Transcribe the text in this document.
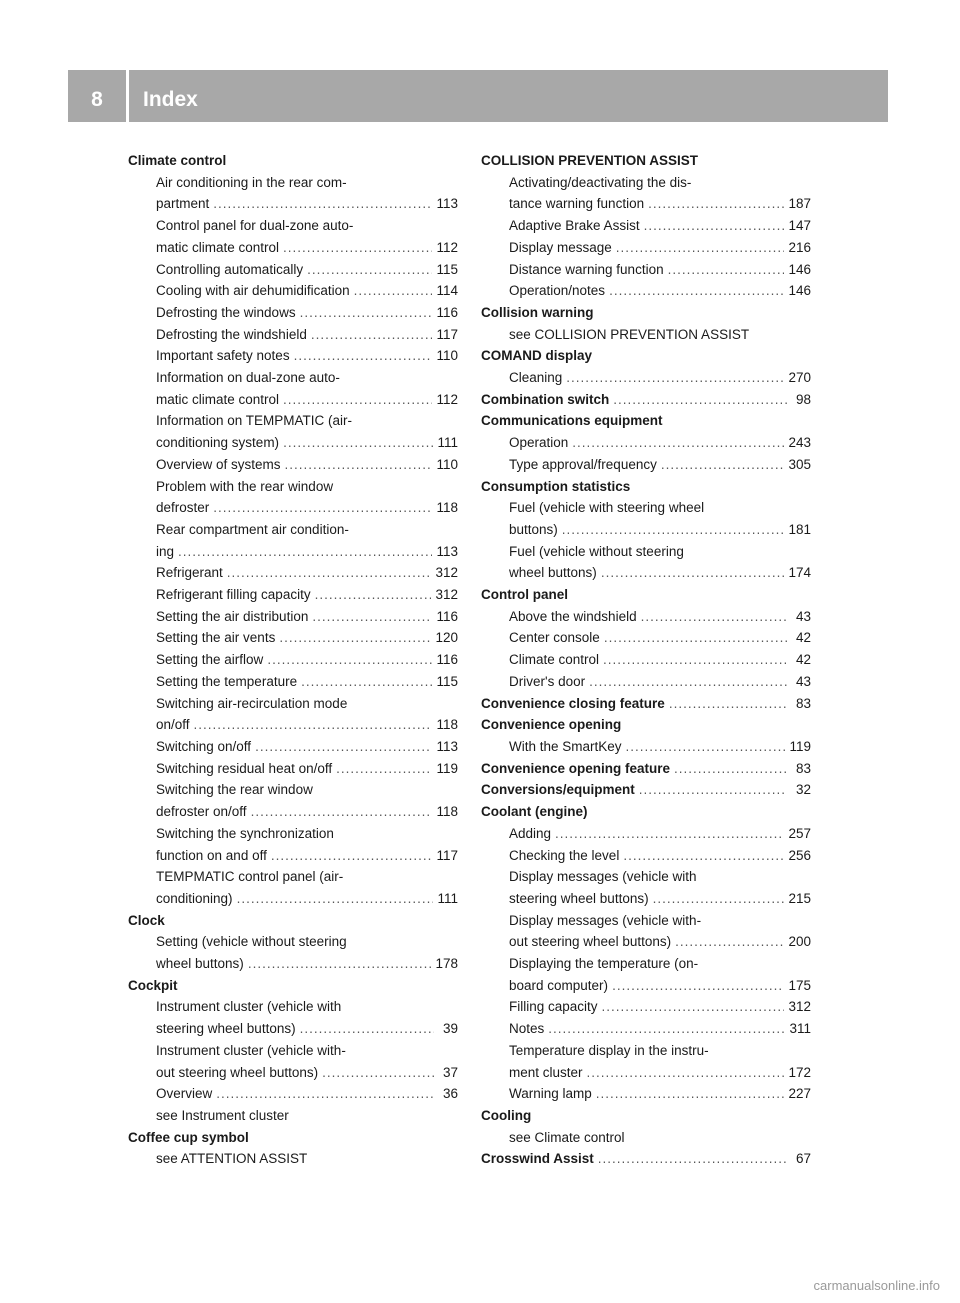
8	Index
Climate control
Air conditioning in the rear com-
partment .....	113
Control panel for dual-zone auto-
matic climate control .....	112
Controlling automatically .....	115
Cooling with air dehumidification .....	114
Defrosting the windows .....	116
Defrosting the windshield .....	117
Important safety notes .....	110
Information on dual-zone auto-
matic climate control .....	112
Information on TEMPMATIC (air-
conditioning system) .....	111
Overview of systems .....	110
Problem with the rear window
defroster .....	118
Rear compartment air condition-
ing .....	113
Refrigerant .....	312
Refrigerant filling capacity .....	312
Setting the air distribution .....	116
Setting the air vents .....	120
Setting the airflow .....	116
Setting the temperature .....	115
Switching air-recirculation mode
on/off .....	118
Switching on/off .....	113
Switching residual heat on/off .....	119
Switching the rear window
defroster on/off .....	118
Switching the synchronization
function on and off .....	117
TEMPMATIC control panel (air-
conditioning) .....	111
Clock
Setting (vehicle without steering
wheel buttons) .....	178
Cockpit
Instrument cluster (vehicle with
steering wheel buttons) .....	39
Instrument cluster (vehicle with-
out steering wheel buttons) .....	37
Overview .....	36
see Instrument cluster
Coffee cup symbol
see ATTENTION ASSIST
COLLISION PREVENTION ASSIST
Activating/deactivating the dis-
tance warning function .....	187
Adaptive Brake Assist .....	147
Display message .....	216
Distance warning function .....	146
Operation/notes .....	146
Collision warning
see COLLISION PREVENTION ASSIST
COMAND display
Cleaning .....	270
Combination switch .....	98
Communications equipment
Operation .....	243
Type approval/frequency .....	305
Consumption statistics
Fuel (vehicle with steering wheel
buttons) .....	181
Fuel (vehicle without steering
wheel buttons) .....	174
Control panel
Above the windshield .....	43
Center console .....	42
Climate control .....	42
Driver's door .....	43
Convenience closing feature .....	83
Convenience opening
With the SmartKey .....	119
Convenience opening feature .....	83
Conversions/equipment .....	32
Coolant (engine)
Adding .....	257
Checking the level .....	256
Display messages (vehicle with
steering wheel buttons) .....	215
Display messages (vehicle with-
out steering wheel buttons) .....	200
Displaying the temperature (on-
board computer) .....	175
Filling capacity .....	312
Notes .....	311
Temperature display in the instru-
ment cluster .....	172
Warning lamp .....	227
Cooling
see Climate control
Crosswind Assist .....	67
carmanualsonline.info
